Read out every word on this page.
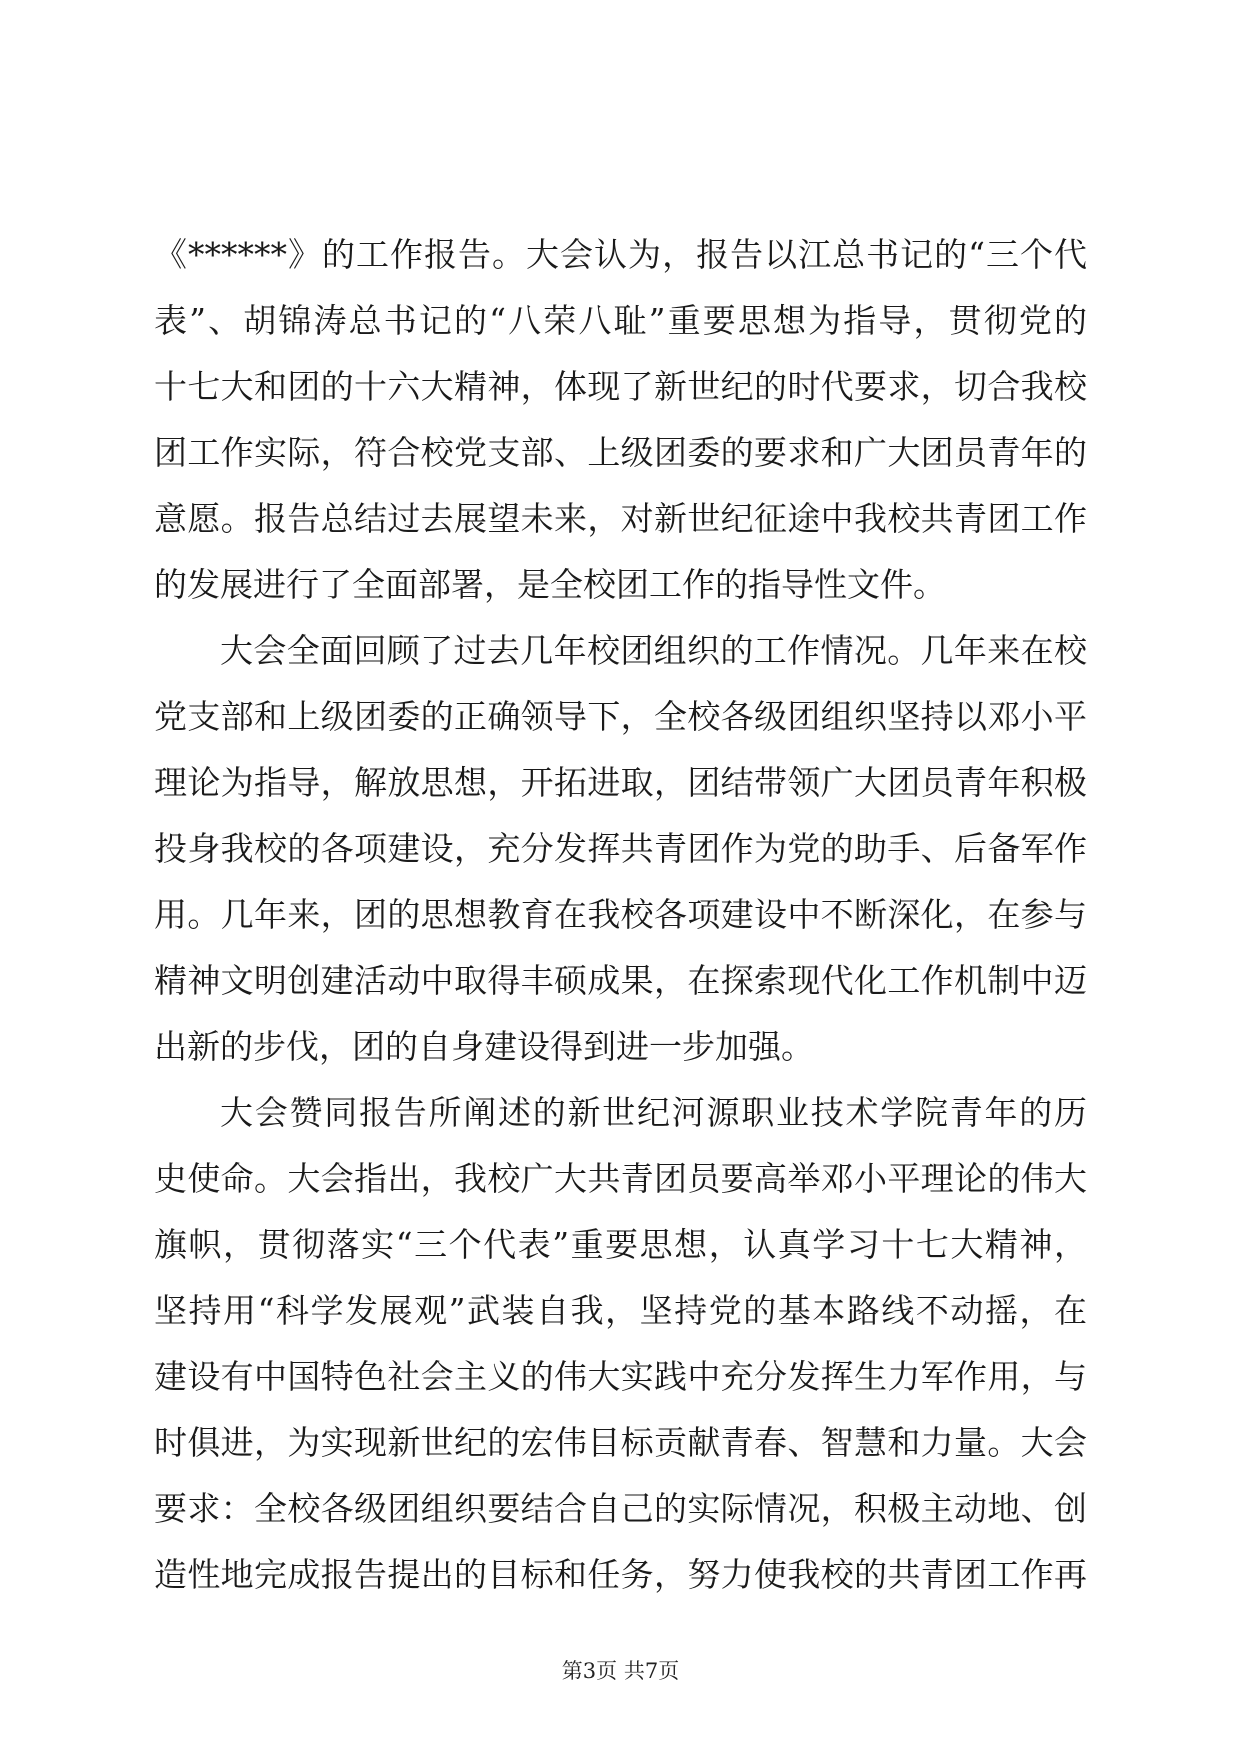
《******》的工作报告。大会认为，报告以江总书记的“三个代
表”、胡锦涛总书记的“八荣八耻”重要思想为指导，贯彻党的
十七大和团的十六大精神，体现了新世纪的时代要求，切合我校
团工作实际，符合校党支部、上级团委的要求和广大团员青年的
意愿。报告总结过去展望未来，对新世纪征途中我校共青团工作
的发展进行了全面部署，是全校团工作的指导性文件。
大会全面回顾了过去几年校团组织的工作情况。几年来在校
党支部和上级团委的正确领导下，全校各级团组织坚持以邓小平
理论为指导，解放思想，开拓进取，团结带领广大团员青年积极
投身我校的各项建设，充分发挥共青团作为党的助手、后备军作
用。几年来，团的思想教育在我校各项建设中不断深化，在参与
精神文明创建活动中取得丰硕成果，在探索现代化工作机制中迈
出新的步伐，团的自身建设得到进一步加强。
大会赞同报告所阐述的新世纪河源职业技术学院青年的历
史使命。大会指出，我校广大共青团员要高举邓小平理论的伟大
旗帜，贯彻落实“三个代表”重要思想，认真学习十七大精神，
坚持用“科学发展观”武装自我，坚持党的基本路线不动摇，在
建设有中国特色社会主义的伟大实践中充分发挥生力军作用，与
时俱进，为实现新世纪的宏伟目标贡献青春、智慧和力量。大会
要求：全校各级团组织要结合自己的实际情况，积极主动地、创
造性地完成报告提出的目标和任务，努力使我校的共青团工作再
第3页 共7页
